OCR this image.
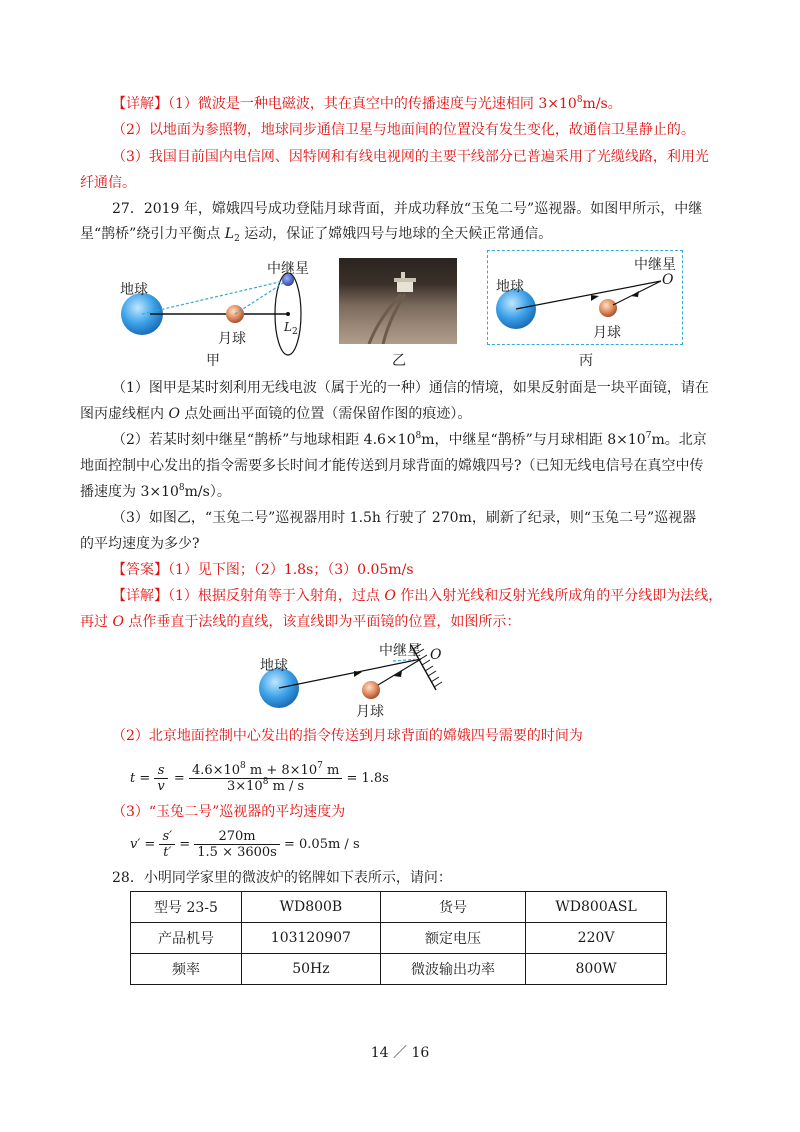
【详解】（1）微波是一种电磁波，其在真空中的传播速度与光速相同 $3\times 10^8m/s$。
（2）以地面为参照物，地球同步通信卫星与地面间的位置没有发生变化，故通信卫星静止的。
（3）我国目前国内电信网、因特网和有线电视网的主要干线部分已普遍采用了光缆线路，利用光
纤通信。
27．2019 年，嫦娥四号成功登陆月球背面，并成功释放“玉兔二号”巡视器。如图甲所示，中继
星“鹊桥”绕引力平衡点 $L_2$ 运动，保证了嫦娥四号与地球的全天候正常通信。
地球
月球
中继星
$L_2$
甲	乙
地球
月球
中继星
O
丙
（1）图甲是某时刻利用无线电波（属于光的一种）通信的情境，如果反射面是一块平面镜，请在
图丙虚线框内 O 点处画出平面镜的位置（需保留作图的痕迹）。
（2）若某时刻中继星“鹊桥”与地球相距 $4.6\times 10^8m$，中继星“鹊桥”与月球相距 $8\times 10^7m$。北京
地面控制中心发出的指令需要多长时间才能传送到月球背面的嫦娥四号?（已知无线电信号在真空中传
播速度为 $3\times 10^8m/s$）。
（3）如图乙，“玉兔二号”巡视器用时 1.5h 行驶了 270m，刷新了纪录，则“玉兔二号”巡视器
的平均速度为多少?
【答案】（1）见下图；（2）1.8s；（3）0.05m/s
【详解】（1）根据反射角等于入射角，过点 O 作出入射光线和反射光线所成角的平分线即为法线，
再过 O 点作垂直于法线的直线，该直线即为平面镜的位置，如图所示：
地球
月球
中继星 O
（2）北京地面控制中心发出的指令传送到月球背面的嫦娥四号需要的时间为
$t = \frac{s}{v} = \frac{4.6\times 10^8 m + 8\times 10^7 m}{3\times 10^8 m / s}$
= 1.8s
（3）“玉兔二号”巡视器的平均速度为
$v' = \frac{s'}{t'} = \frac{270m}{1.5 \times 3600s}$
= 0.05m / s
28．小明同学家里的微波炉的铭牌如下表所示，请问：
型号 23-5	WD800B	货号	WD800ASL
产品机号	103120907	额定电压	220V
频率	50Hz	微波输出功率	800W
14 ／ 16
